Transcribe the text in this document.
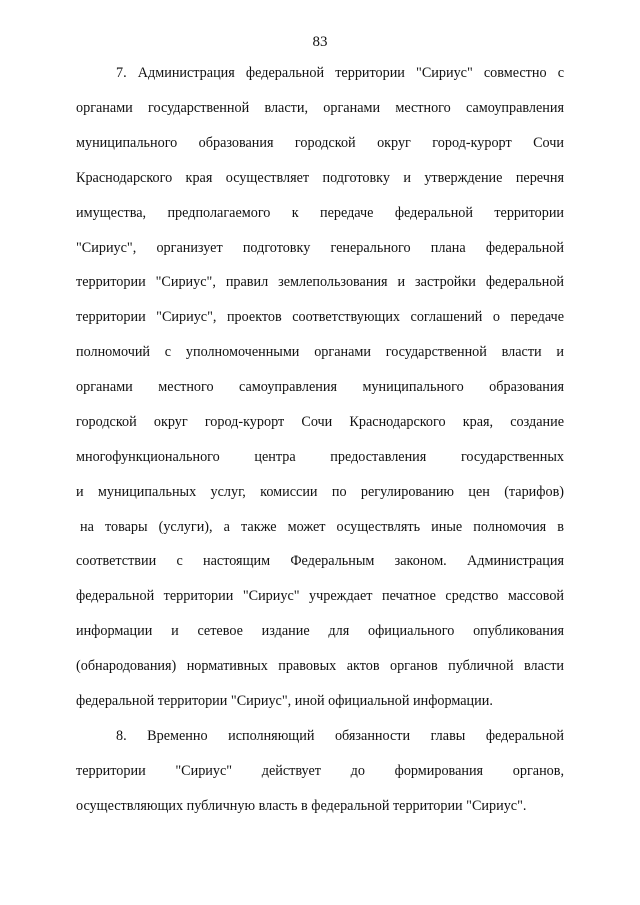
83
7. Администрация федеральной территории "Сириус" совместно с
органами государственной власти, органами местного самоуправления
муниципального образования городской округ город-курорт Сочи
Краснодарского края осуществляет подготовку и утверждение перечня
имущества, предполагаемого к передаче федеральной территории
"Сириус", организует подготовку генерального плана федеральной
территории "Сириус", правил землепользования и застройки федеральной
территории "Сириус", проектов соответствующих соглашений о передаче
полномочий с уполномоченными органами государственной власти и
органами местного самоуправления муниципального образования
городской округ город-курорт Сочи Краснодарского края, создание
многофункционального центра предоставления государственных
и муниципальных услуг, комиссии по регулированию цен (тарифов)
на товары (услуги), а также может осуществлять иные полномочия в
соответствии с настоящим Федеральным законом. Администрация
федеральной территории "Сириус" учреждает печатное средство массовой
информации и сетевое издание для официального опубликования
(обнародования) нормативных правовых актов органов публичной власти
федеральной территории "Сириус", иной официальной информации.
8. Временно исполняющий обязанности главы федеральной
территории "Сириус" действует до формирования органов,
осуществляющих публичную власть в федеральной территории "Сириус".
